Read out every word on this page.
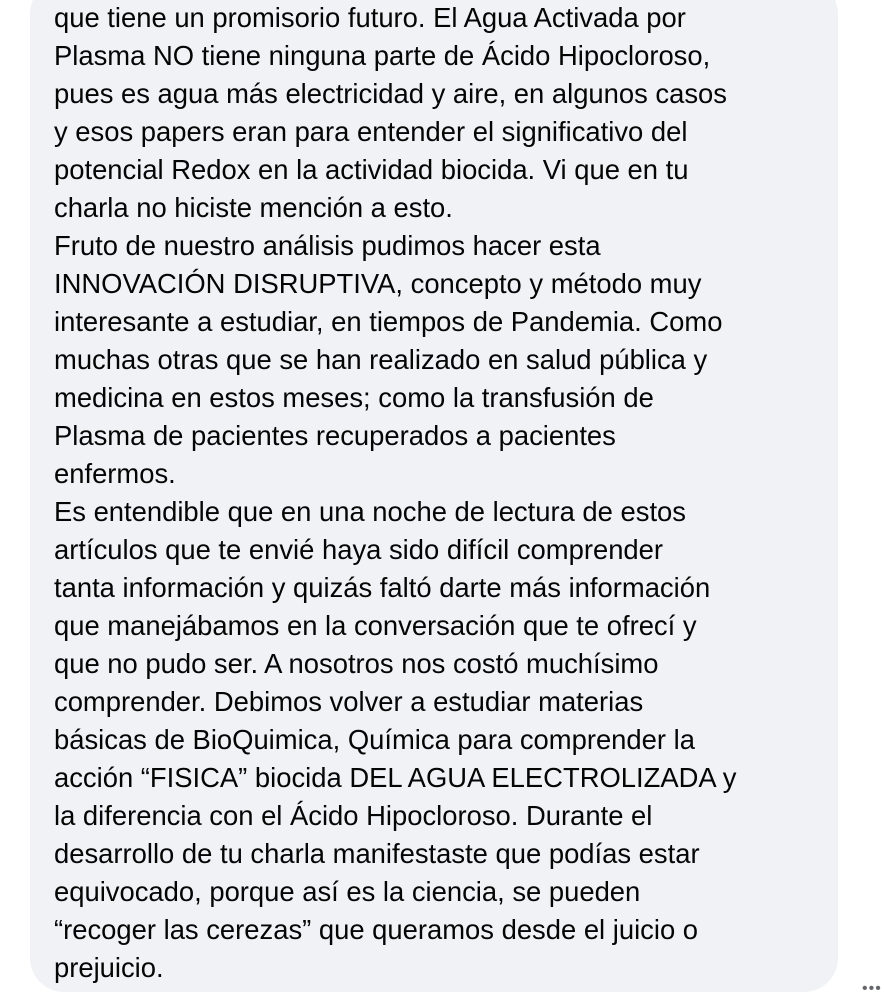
que tiene un promisorio futuro. El Agua Activada por
Plasma NO tiene ninguna parte de Ácido Hipocloroso,
pues es agua más electricidad y aire, en algunos casos
y esos papers eran para entender el significativo del
potencial Redox en la actividad biocida. Vi que en tu
charla no hiciste mención a esto.
Fruto de nuestro análisis pudimos hacer esta
INNOVACIÓN DISRUPTIVA, concepto y método muy
interesante a estudiar, en tiempos de Pandemia. Como
muchas otras que se han realizado en salud pública y
medicina en estos meses; como la transfusión de
Plasma de pacientes recuperados a pacientes
enfermos.
Es entendible que en una noche de lectura de estos
artículos que te envié haya sido difícil comprender
tanta información y quizás faltó darte más información
que manejábamos en la conversación que te ofrecí y
que no pudo ser. A nosotros nos costó muchísimo
comprender. Debimos volver a estudiar materias
básicas de BioQuimica, Química para comprender la
acción “FISICA” biocida DEL AGUA ELECTROLIZADA y
la diferencia con el Ácido Hipocloroso. Durante el
desarrollo de tu charla manifestaste que podías estar
equivocado, porque así es la ciencia, se pueden
“recoger las cerezas” que queramos desde el juicio o
prejuicio.
•••
